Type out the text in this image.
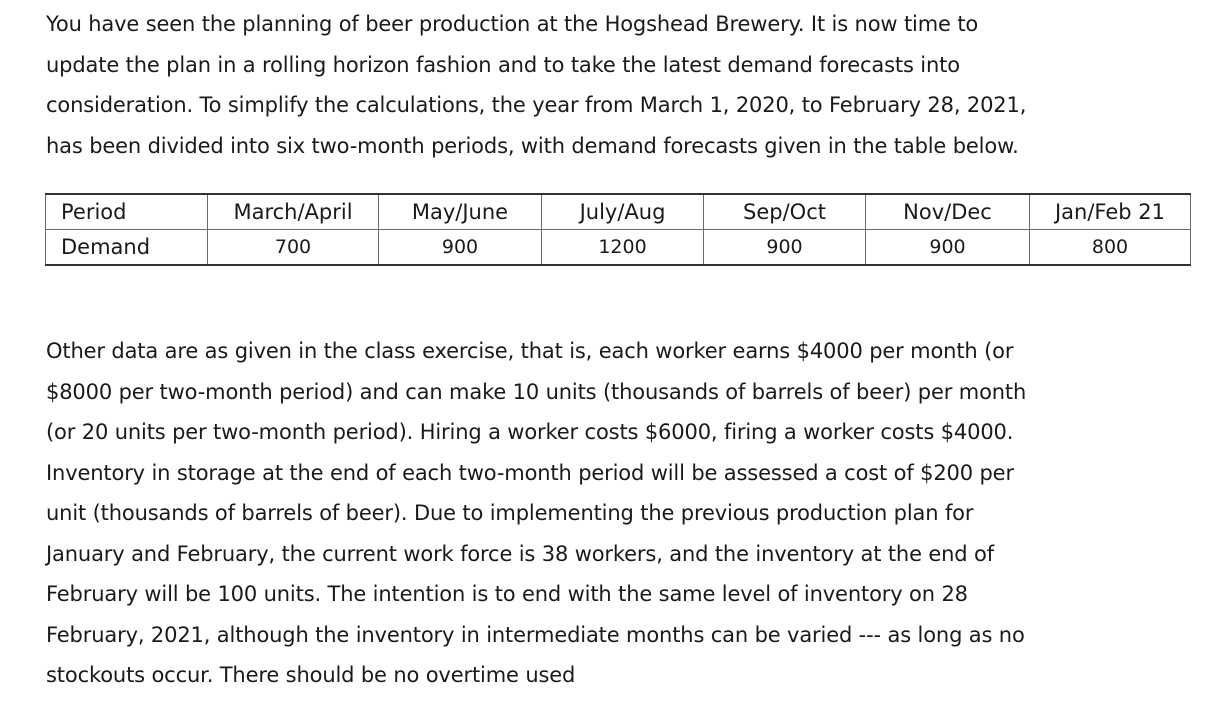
You have seen the planning of beer production at the Hogshead Brewery. It is now time to
update the plan in a rolling horizon fashion and to take the latest demand forecasts into
consideration. To simplify the calculations, the year from March 1, 2020, to February 28, 2021,
has been divided into six two-month periods, with demand forecasts given in the table below.
Period	March/April	May/June	July/Aug	Sep/Oct	Nov/Dec	Jan/Feb 21
Demand	700	900	1200	900	900	800
Other data are as given in the class exercise, that is, each worker earns $4000 per month (or
$8000 per two-month period) and can make 10 units (thousands of barrels of beer) per month
(or 20 units per two-month period). Hiring a worker costs $6000, firing a worker costs $4000.
Inventory in storage at the end of each two-month period will be assessed a cost of $200 per
unit (thousands of barrels of beer). Due to implementing the previous production plan for
January and February, the current work force is 38 workers, and the inventory at the end of
February will be 100 units. The intention is to end with the same level of inventory on 28
February, 2021, although the inventory in intermediate months can be varied --- as long as no
stockouts occur. There should be no overtime used
